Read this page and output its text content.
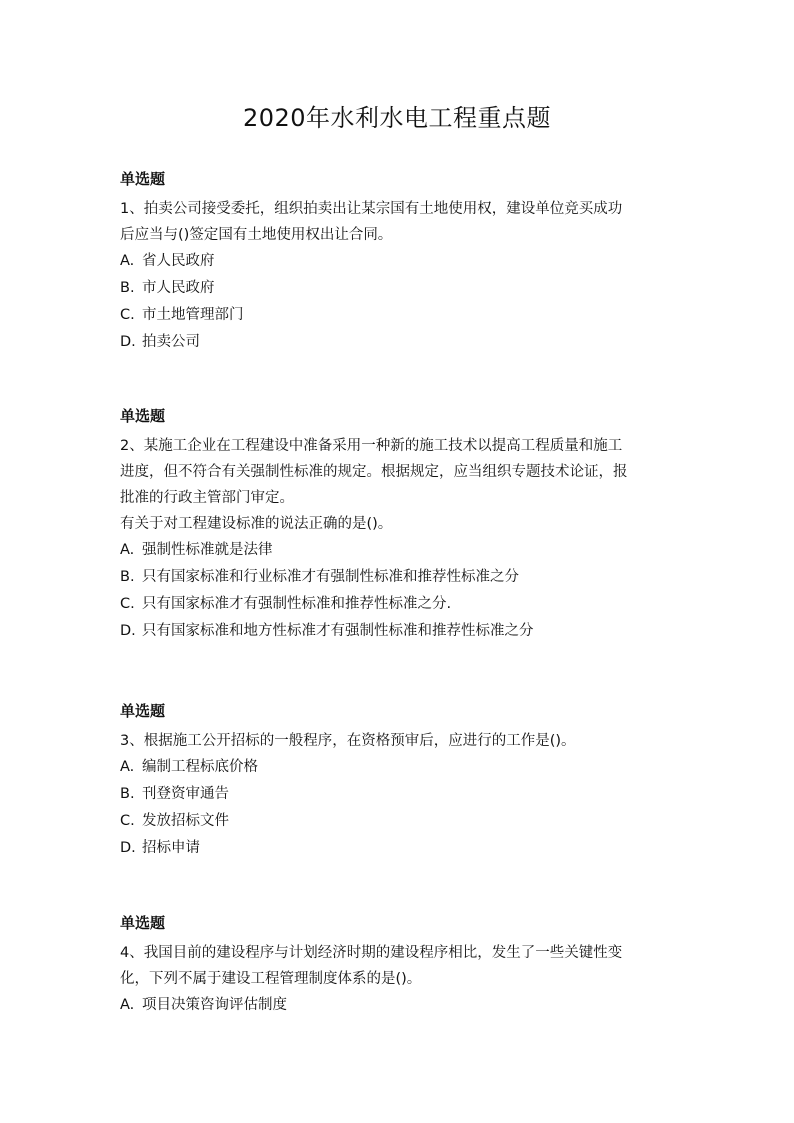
2020年水利水电工程重点题
单选题
1、拍卖公司接受委托，组织拍卖出让某宗国有土地使用权，建设单位竞买成功
后应当与()签定国有土地使用权出让合同。
A. 省人民政府
B. 市人民政府
C. 市土地管理部门
D. 拍卖公司
单选题
2、某施工企业在工程建设中准备采用一种新的施工技术以提高工程质量和施工
进度，但不符合有关强制性标准的规定。根据规定，应当组织专题技术论证，报
批准的行政主管部门审定。
有关于对工程建设标准的说法正确的是()。
A. 强制性标准就是法律
B. 只有国家标准和行业标准才有强制性标准和推荐性标准之分
C. 只有国家标准才有强制性标准和推荐性标准之分.
D. 只有国家标准和地方性标准才有强制性标准和推荐性标准之分
单选题
3、根据施工公开招标的一般程序，在资格预审后，应进行的工作是()。
A. 编制工程标底价格
B. 刊登资审通告
C. 发放招标文件
D. 招标申请
单选题
4、我国目前的建设程序与计划经济时期的建设程序相比，发生了一些关键性变
化，下列不属于建设工程管理制度体系的是()。
A. 项目决策咨询评估制度
